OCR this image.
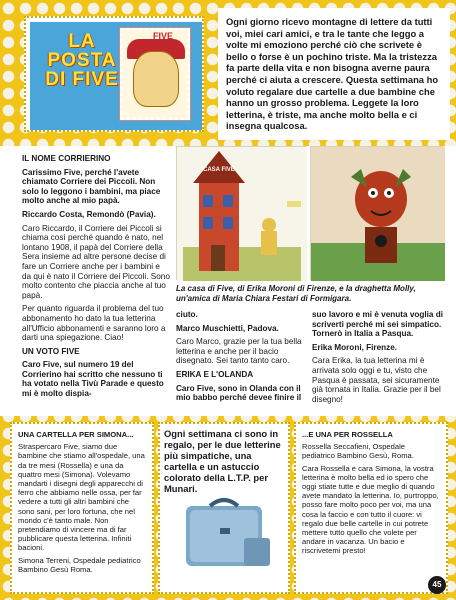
LA POSTA DI FIVE
FIVE
Ogni giorno ricevo montagne di lettere da tutti voi, miei cari amici, e tra le tante che leggo a volte mi emoziono perché ciò che scrivete è bello o forse è un pochino triste. Ma la tristezza fa parte della vita e non bisogna averne paura perché ci aiuta a crescere. Questa settimana ho voluto regalare due cartelle a due bambine che hanno un grosso problema. Leggete la loro letterina, è triste, ma anche molto bella e ci insegna qualcosa.

IL NOME CORRIERINO

Carissimo Five, perché l'avete chiamato Corriere dei Piccoli. Non solo lo leggono i bambini, ma piace molto anche al mio papà.

Riccardo Costa, Remondò (Pavia).

Caro Riccardo, il Corriere dei Piccoli si chiama così perché quando è nato, nel lontano 1908, il papà del Corriere della Sera insieme ad altre persone decise di fare un Corriere anche per i bambini e da qui è nato il Corriere dei Piccoli. Sono molto contento che piaccia anche al tuo papà.

Per quanto riguarda il problema del tuo abbonamento ho dato la tua letterina all'Ufficio abbonamenti e saranno loro a darti una spiegazione. Ciao!

UN VOTO FIVE

Caro Five, sul numero 19 del Corrierino hai scritto che nessuno ti ha votato nella Tivù Parade e questo mi è molto dispia-

CASA FIVE
La casa di Five, di Erika Moroni di Firenze, e la draghetta Molly, un'amica di Maria Chiara Festari di Formigara.

ciuto.

Marco Muschietti, Padova.

Caro Marco, grazie per la tua bella letterina e anche per il bacio disegnato. Sei tanto tanto caro.

ERIKA E L'OLANDA

Caro Five, sono in Olanda con il mio babbo perché devee finire il

suo lavoro e mi è venuta voglia di scriverti perché mi sei simpatico. Tornerò in Italia a Pasqua.

Erika Moroni, Firenze.

Cara Erika, la tua letterina mi è arrivata solo oggi e tu, visto che Pasqua è passata, sei sicuramente già tornata in Italia. Grazie per il bel disegno!

UNA CARTELLA PER SIMONA...

Straspercaro Five, siamo due bambine che stiamo all'ospedale, una da tre mesi (Rossella) e una da quattro mesi (Simona). Volevamo mandarti i disegni degli apparecchi di ferro che abbiamo nelle ossa, per far vedere a tutti gli altri bambini che sono sani, per loro fortuna, che nel mondo c'è tanto male. Non pretendiamo di vincere ma di far pubblicare questa letterina. Infiniti bacioni.

Simona Terreni, Ospedale pediatrico Bambino Gesù Roma.

Ogni settimana ci sono in regalo, per le due letterine più simpatiche, una cartella e un astuccio colorato della L.T.P. per Munari.

...E UNA PER ROSSELLA

Rossella Seccafieni, Ospedale pediatrico Bambino Gesù, Roma.

Cara Rossella e cara Simona, la vostra letterina è molto bella ed io spero che oggi stiate tutte e due meglio di quando avete mandato la letterina. Io, purtroppo, posso fare molto poco per voi, ma una cosa la faccio e con tutto il cuore: vi regalo due belle cartelle in cui potrete mettere tutto quello che volete per andare in vacanza. Un bacio e riscrivetemi presto!

45
